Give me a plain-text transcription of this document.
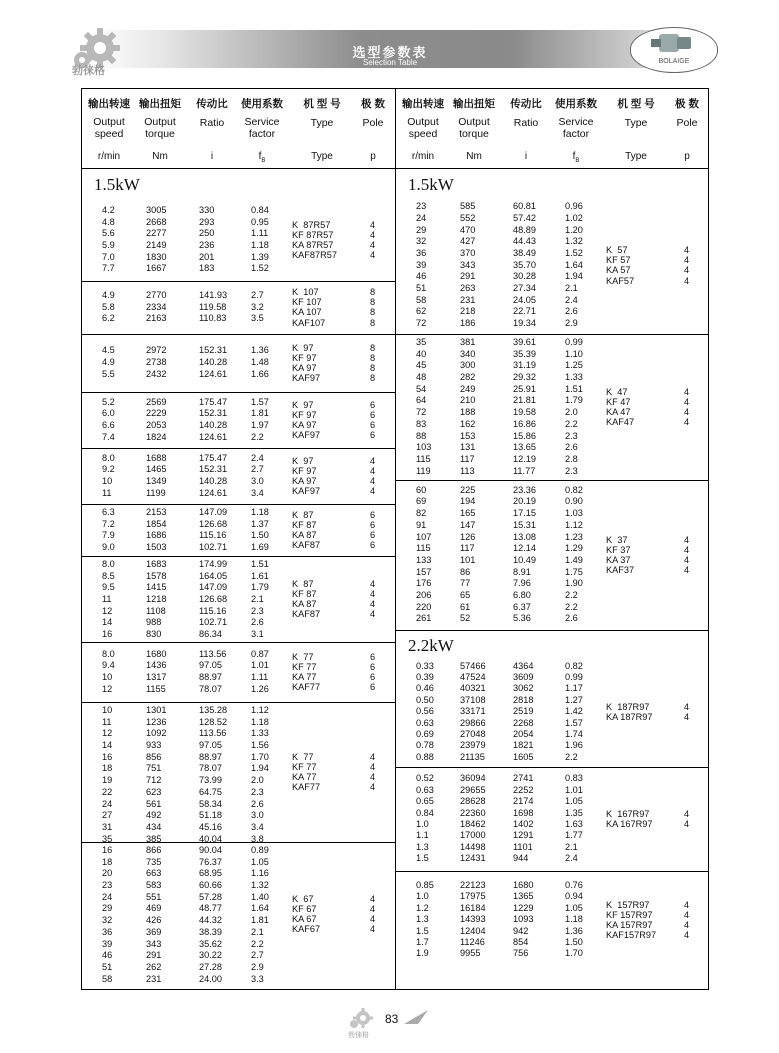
选型参数表
Selection Table
勃徕格
BOLAIGE
输出转速 输出扭矩	传动比	使用系数	机 型 号	极 数
Output
speed
Output
torque
Ratio	Service
factor
Type	Pole
r/min	Nm	i	$f_B$	Type	p
1.5kW
4.2	3005	330	0.84
4.8	2668	293	0.95
5.6	2277	250	1.11
5.9	2149	236	1.18
7.0	1830	201	1.39
7.7	1667	183	1.52
K  87R57	4
KF 87R57	4
KA 87R57	4
KAF87R57	4
4.9	2770	141.93	2.7
5.8	2334	119.58	3.2
6.2	2163	110.83	3.5
K  107	8
KF 107	8
KA 107	8
KAF107	8
4.5	2972	152.31	1.36
4.9	2738	140.28	1.48
5.5	2432	124.61	1.66
K  97	8
KF 97	8
KA 97	8
KAF97	8
5.2	2569	175.47	1.57
6.0	2229	152.31	1.81
6.6	2053	140.28	1.97
7.4	1824	124.61	2.2
K  97	6
KF 97	6
KA 97	6
KAF97	6
8.0	1688	175.47	2.4
9.2	1465	152.31	2.7
10	1349	140.28	3.0
11	1199	124.61	3.4
K  97	4
KF 97	4
KA 97	4
KAF97	4
6.3	2153	147.09	1.18
7.2	1854	126.68	1.37
7.9	1686	115.16	1.50
9.0	1503	102.71	1.69
K  87	6
KF 87	6
KA 87	6
KAF87	6
8.0	1683	174.99	1.51
8.5	1578	164.05	1.61
9.5	1415	147.09	1.79
11	1218	126.68	2.1
12	1108	115.16	2.3
14	988	102.71	2.6
16	830	86.34	3.1
K  87	4
KF 87	4
KA 87	4
KAF87	4
8.0	1680	113.56	0.87
9.4	1436	97.05	1.01
10	1317	88.97	1.11
12	1155	78.07	1.26
K  77	6
KF 77	6
KA 77	6
KAF77	6
10	1301	135.28	1.12
11	1236	128.52	1.18
12	1092	113.56	1.33
14	933	97.05	1.56
16	856	88.97	1.70
18	751	78.07	1.94
19	712	73.99	2.0
22	623	64.75	2.3
24	561	58.34	2.6
27	492	51.18	3.0
31	434	45.16	3.4
35	385	40.04	3.8
K  77	4
KF 77	4
KA 77	4
KAF77	4
16	866	90.04	0.89
18	735	76.37	1.05
20	663	68.95	1.16
23	583	60.66	1.32
24	551	57.28	1.40
29	469	48.77	1.64
32	426	44.32	1.81
36	369	38.39	2.1
39	343	35.62	2.2
46	291	30.22	2.7
51	262	27.28	2.9
58	231	24.00	3.3
K  67	4
KF 67	4
KA 67	4
KAF67	4
输出转速 输出扭矩	传动比	使用系数	机 型 号	极 数
Output
speed
Output
torque
Ratio	Service
factor
Type	Pole
r/min	Nm	i	$f_B$	Type	p
1.5kW
23	585	60.81	0.96
24	552	57.42	1.02
29	470	48.89	1.20
32	427	44.43	1.32
36	370	38.49	1.52
39	343	35.70	1.64
46	291	30.28	1.94
51	263	27.34	2.1
58	231	24.05	2.4
62	218	22.71	2.6
72	186	19.34	2.9
K  57	4
KF 57	4
KA 57	4
KAF57	4
35	381	39.61	0.99
40	340	35.39	1.10
45	300	31.19	1.25
48	282	29.32	1.33
54	249	25.91	1.51
64	210	21.81	1.79
72	188	19.58	2.0
83	162	16.86	2.2
88	153	15.86	2.3
103	131	13.65	2.6
115	117	12.19	2.8
119	113	11.77	2.3
K  47	4
KF 47	4
KA 47	4
KAF47	4
60	225	23.36	0.82
69	194	20.19	0.90
82	165	17.15	1.03
91	147	15.31	1.12
107	126	13.08	1.23
115	117	12.14	1.29
133	101	10.49	1.49
157	86	8.91	1.75
176	77	7.96	1.90
206	65	6.80	2.2
220	61	6.37	2.2
261	52	5.36	2.6
K  37	4
KF 37	4
KA 37	4
KAF37	4
2.2kW
0.33	57466	4364	0.82
0.39	47524	3609	0.99
0.46	40321	3062	1.17
0.50	37108	2818	1.27
0.56	33171	2519	1.42
0.63	29866	2268	1.57
0.69	27048	2054	1.74
0.78	23979	1821	1.96
0.88	21135	1605	2.2
K  187R97	4
KA 187R97	4
0.52	36094	2741	0.83
0.63	29655	2252	1.01
0.65	28628	2174	1.05
0.84	22360	1698	1.35
1.0	18462	1402	1.63
1.1	17000	1291	1.77
1.3	14498	1101	2.1
1.5	12431	944	2.4
K  167R97	4
KA 167R97	4
0.85	22123	1680	0.76
1.0	17975	1365	0.94
1.2	16184	1229	1.05
1.3	14393	1093	1.18
1.5	12404	942	1.36
1.7	11246	854	1.50
1.9	9955	756	1.70
K  157R97	4
KF 157R97	4
KA 157R97	4
KAF157R97	4
勃徕格
83
